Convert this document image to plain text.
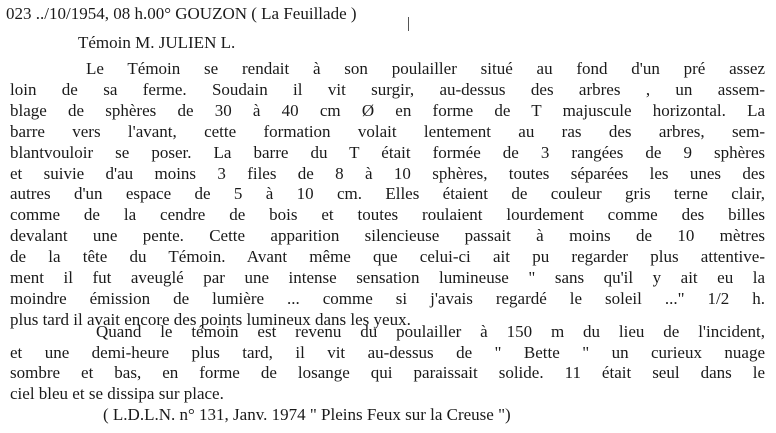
023 ../10/1954, 08 h.00° GOUZON ( La Feuillade )
Témoin M. JULIEN L.
Le Témoin se rendait à son poulailler situé au fond d'un pré assez
loin de sa ferme. Soudain il vit surgir, au-dessus des arbres , un assem-
blage de sphères de 30 à 40 cm Ø en forme de T majuscule horizontal. La
barre vers l'avant, cette formation volait lentement au ras des arbres, sem-
blantvouloir se poser. La barre du T était formée de 3 rangées de 9 sphères
et suivie d'au moins 3 files de 8 à 10 sphères, toutes séparées les unes des
autres d'un espace de 5 à 10 cm. Elles étaient de couleur gris terne clair,
comme de la cendre de bois et toutes roulaient lourdement comme des billes
devalant une pente. Cette apparition silencieuse passait à moins de 10 mètres
de la tête du Témoin. Avant même que celui-ci ait pu regarder plus attentive-
ment il fut aveuglé par une intense sensation lumineuse " sans qu'il y ait eu la
moindre émission de lumière ... comme si j'avais regardé le soleil ..." 1/2 h.
plus tard il avait encore des points lumineux dans les yeux.
Quand le témoin est revenu du poulailler à 150 m du lieu de l'incident,
et une demi-heure plus tard, il vit au-dessus de " Bette " un curieux nuage
sombre et bas, en forme de losange qui paraissait solide. 11 était seul dans le
ciel bleu et se dissipa sur place.
( L.D.L.N. n° 131, Janv. 1974 " Pleins Feux sur la Creuse ")
